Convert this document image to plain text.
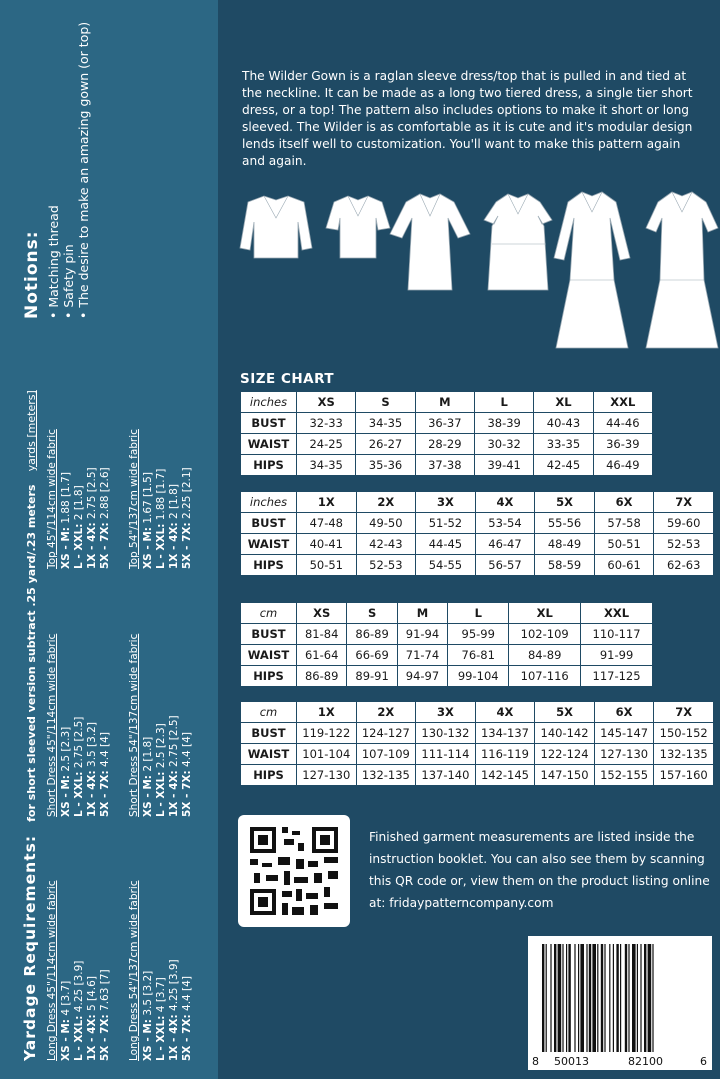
Yardage Requirements: for short sleeved version subtract .25 yard/.23 meters yards [meters]
Long Dress 45"/114cm wide fabric XS - M: 4 [3.7]
L - XXL: 4.25 [3.9]
1X - 4X: 5 [4.6]
5X - 7X: 7.63 [7] Long Dress 54"/137cm wide fabric XS - M: 3.5 [3.2]
L - XXL: 4 [3.7]
1X - 4X: 4.25 [3.9]
5X - 7X: 4.4 [4]
Short Dress 45"/114cm wide fabric XS - M: 2.5 [2.3]
L - XXL: 2.75 [2.5]
1X - 4X: 3.5 [3.2]
5X - 7X: 4.4 [4] Short Dress 54"/137cm wide fabric XS - M: 2 [1.8]
L - XXL: 2.5 [2.3]
1X - 4X: 2.75 [2.5]
5X - 7X: 4.4 [4]
Top 45"/114cm wide fabric XS - M: 1.88 [1.7]
L - XXL: 2 [1.8]
1X - 4X: 2.75 [2.5]
5X - 7X: 2.88 [2.6] Top 54"/137cm wide fabric XS - M: 1.67 [1.5]
L - XXL: 1.88 [1.7]
1X - 4X: 2 [1.8]
5X - 7X: 2.25 [2.1]
Notions: • Matching thread • Safety pin • The desire to make an amazing gown (or top)	The Wilder Gown is a raglan sleeve dress/top that is pulled in and tied at the neckline. It can be made as a long two tiered dress, a single tier short dress, or a top! The pattern also includes options to make it short or long sleeved. The Wilder is as comfortable as it is cute and it's modular design lends itself well to customization. You'll want to make this pattern again and again.

SIZE CHART
inches	XS	S	M	L	XL	XXL
BUST	32-33	34-35	36-37	38-39	40-43	44-46
WAIST	24-25	26-27	28-29	30-32	33-35	36-39
HIPS	34-35	35-36	37-38	39-41	42-45	46-49
inches	1X	2X	3X	4X	5X	6X	7X
BUST	47-48	49-50	51-52	53-54	55-56	57-58	59-60
WAIST	40-41	42-43	44-45	46-47	48-49	50-51	52-53
HIPS	50-51	52-53	54-55	56-57	58-59	60-61	62-63
cm	XS	S	M	L	XL	XXL
BUST	81-84	86-89	91-94	95-99	102-109	110-117
WAIST	61-64	66-69	71-74	76-81	84-89	91-99
HIPS	86-89	89-91	94-97	99-104	107-116	117-125
cm	1X	2X	3X	4X	5X	6X	7X
BUST	119-122	124-127	130-132	134-137	140-142	145-147	150-152
WAIST	101-104	107-109	111-114	116-119	122-124	127-130	132-135
HIPS	127-130	132-135	137-140	142-145	147-150	152-155	157-160

Finished garment measurements are listed inside the instruction booklet. You can also see them by scanning this QR code or, view them on the product listing online at: fridaypatterncompany.com

8 50013	82100	6
